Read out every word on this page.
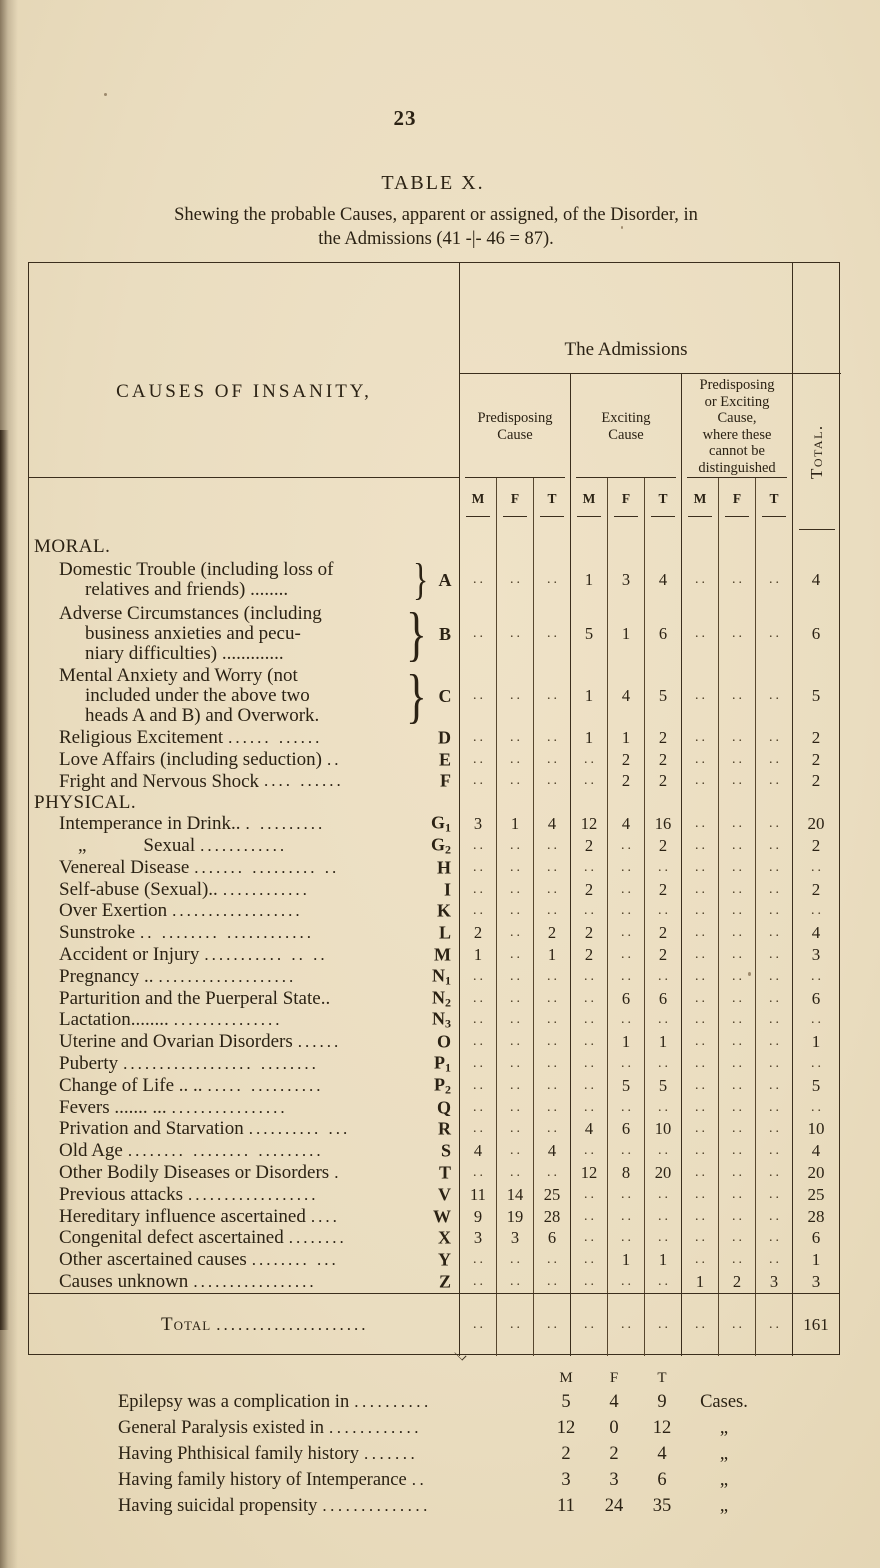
23
TABLE X.
Shewing the probable Causes, apparent or assigned, of the Disorder, in
the Admissions (41 -|- 46 = 87).
CAUSES OF INSANITY,
The Admissions
Predisposing
Cause
Exciting
Cause
Predisposing
or Exciting
Cause,
where these
cannot be
distinguished
M F T M F T M F T
Total.
MORAL.
Domestic Trouble (including loss of
relatives and friends) ........	} A	..	..	..	1	3	4	..	..	..	4
Adverse Circumstances (including
business anxieties and pecu-
niary difficulties) .............	} B	..	..	..	5	1	6	..	..	..	6
Mental Anxiety and Worry (not
included under the above two
heads A and B) and Overwork.	} C	..	..	..	1	4	5	..	..	..	5
Religious Excitement ...... ......	D	..	..	..	1	1	2	..	..	..	2
Love Affairs (including seduction) ..	E	..	..	..	..	2	2	..	..	..	2
Fright and Nervous Shock .... ......	F	..	..	..	..	2	2	..	..	..	2
PHYSICAL.
Intemperance in Drink.. . .........	G1	3	1	4	12	4	16	..	..	..	20
„            Sexual ............	G2	..	..	..	2	..	2	..	..	..	2
Venereal Disease ....... ......... ..	H	..	..	..	..	..	..	..	..	..	..
Self-abuse (Sexual).. ............	I	..	..	..	2	..	2	..	..	..	2
Over Exertion ..................	K	..	..	..	..	..	..	..	..	..	..
Sunstroke .. ........ ............	L	2	..	2	2	..	2	..	..	..	4
Accident or Injury ........... .. ..	M	1	..	1	2	..	2	..	..	..	3
Pregnancy .. ...................	N1	..	..	..	..	..	..	..	..	..	..
Parturition and the Puerperal State..	N2	..	..	..	..	6	6	..	..	..	6
Lactation........ ...............	N3	..	..	..	..	..	..	..	..	..	..
Uterine and Ovarian Disorders ......	O	..	..	..	..	1	1	..	..	..	1
Puberty .................. ........	P1	..	..	..	..	..	..	..	..	..	..
Change of Life .. .. ..... ..........	P2	..	..	..	..	5	5	..	..	..	5
Fevers ....... ... ................	Q	..	..	..	..	..	..	..	..	..	..
Privation and Starvation .......... ...	R	..	..	..	4	6	10	..	..	..	10
Old Age ........ ........ .........	S	4	..	4	..	..	..	..	..	..	4
Other Bodily Diseases or Disorders .	T	..	..	..	12	8	20	..	..	..	20
Previous attacks ..................	V	11	14	25	..	..	..	..	..	..	25
Hereditary influence ascertained ....	W	9	19	28	..	..	..	..	..	..	28
Congenital defect ascertained ........	X	3	3	6	..	..	..	..	..	..	6
Other ascertained causes ........ ...	Y	..	..	..	..	1	1	..	..	..	1
Causes unknown .................	Z	..	..	..	..	..	..	1	2	3	3
Total .....................	..	..	..	..	..	..	..	..	..	161
M	F	T
Epilepsy was a complication in ..........	5	4	9	Cases.
General Paralysis existed in ............	12	0	12	„
Having Phthisical family history .......	2	2	4	„
Having family history of Intemperance ..	3	3	6	„
Having suicidal propensity ..............	11	24	35	„
